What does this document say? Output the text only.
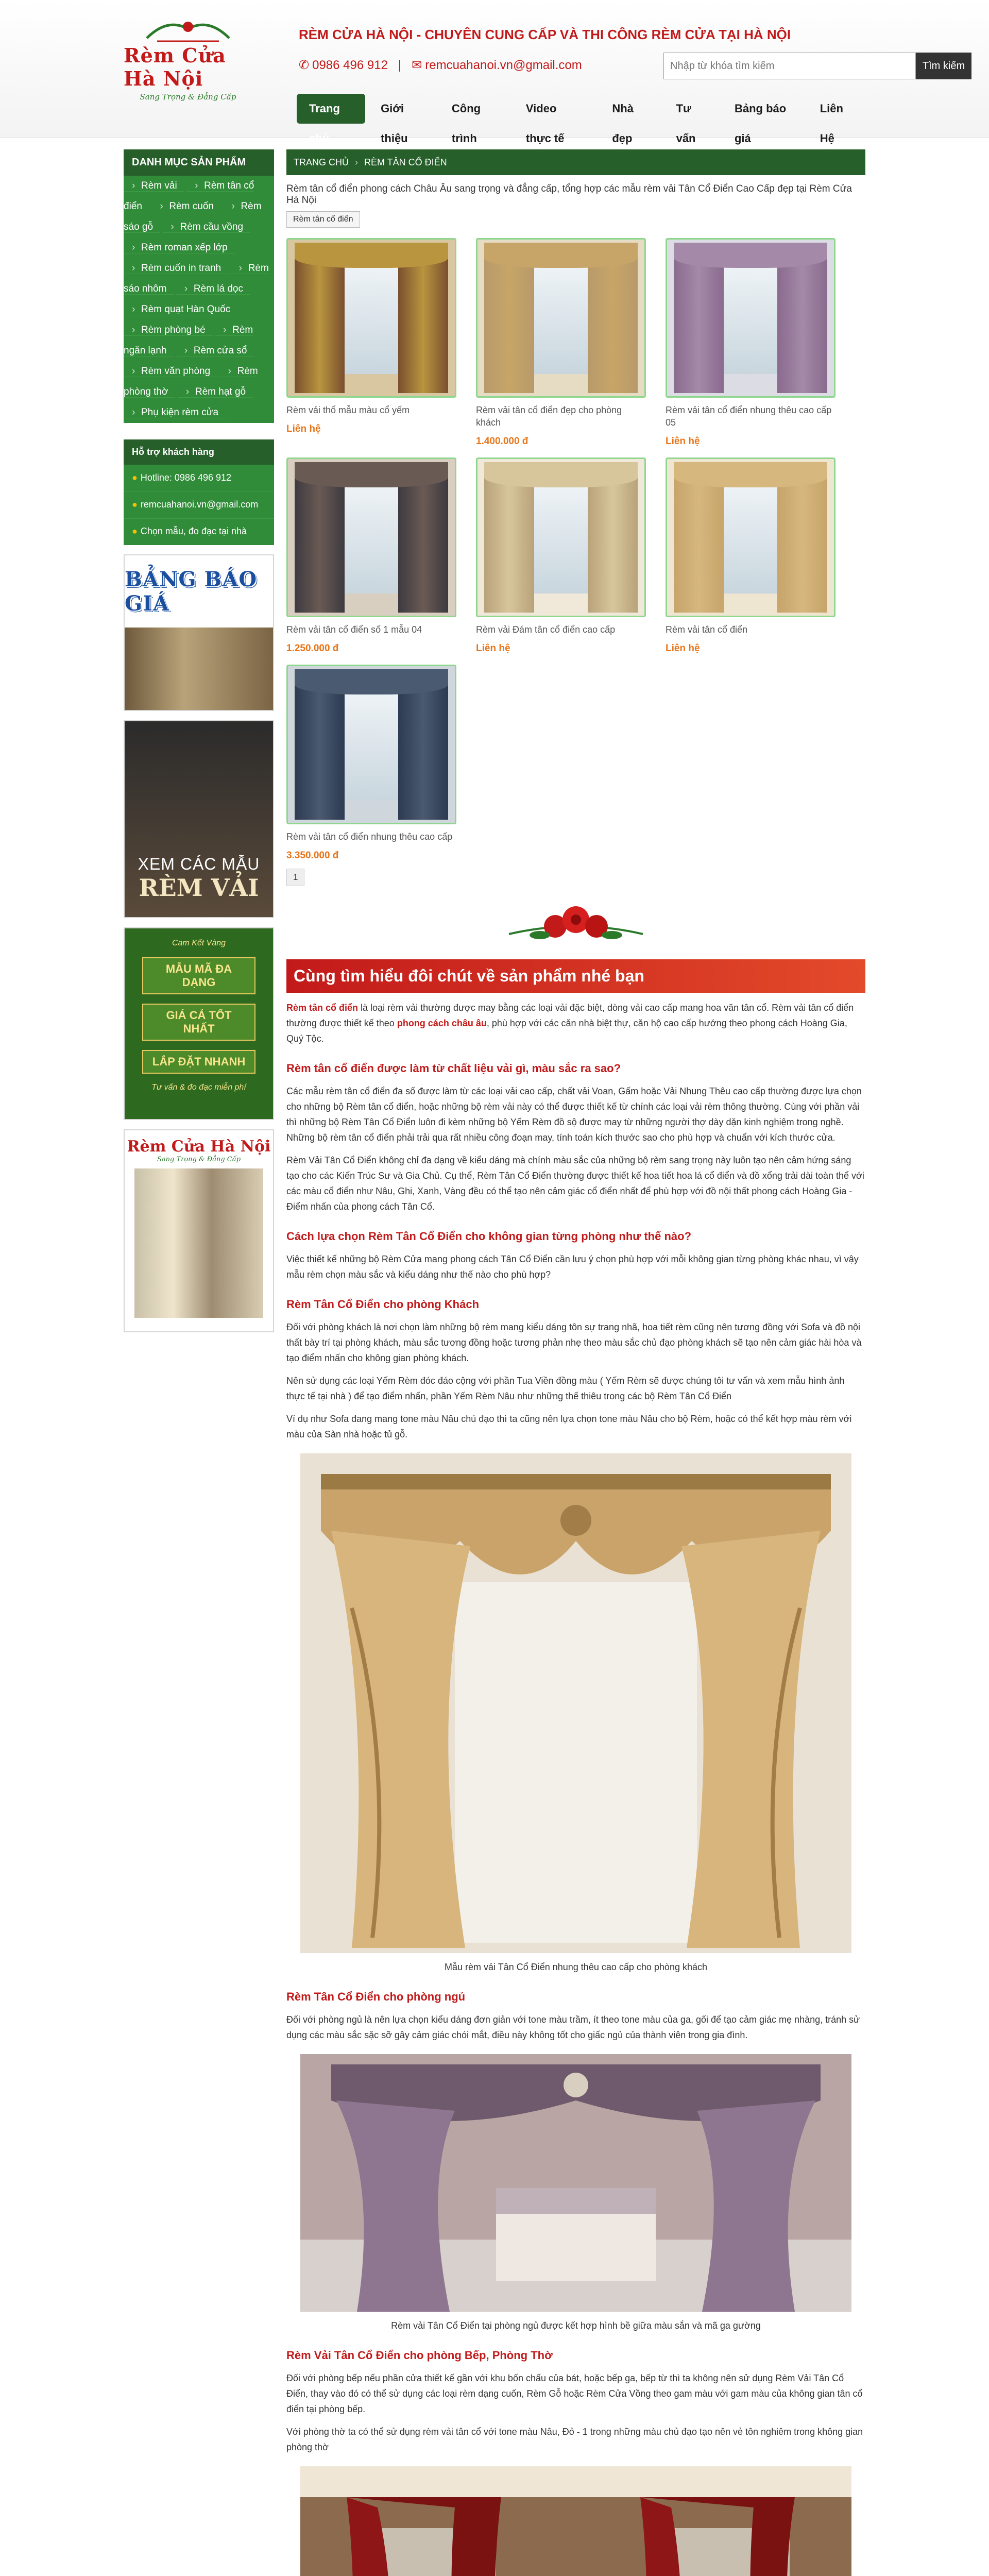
Rèm Cửa Hà Nội
Sang Trọng & Đẳng Cấp
RÈM CỬA HÀ NỘI - CHUYÊN CUNG CẤP VÀ THI CÔNG RÈM CỬA TẠI HÀ NỘI
✆ 0986 496 912 | ✉ remcuahanoi.vn@gmail.com
Nhập từ khóa tìm kiếm	Tìm kiếm
Trang chủ
Giới thiệu
Công trình
Video thực tế
Nhà đẹp
Tư vấn
Bảng báo giá
Liên Hệ
DANH MỤC SẢN PHẨM
› Rèm vải	› Rèm tân cổ điển	› Rèm cuốn	› Rèm sáo gỗ	› Rèm cầu vồng › Rèm roman xếp lớp › Rèm cuốn in tranh	› Rèm sáo nhôm	› Rèm lá dọc › Rèm quạt Hàn Quốc › Rèm phòng bé	› Rèm ngăn lạnh	› Rèm cửa sổ › Rèm văn phòng	› Rèm phòng thờ	› Rèm hạt gỗ › Phụ kiện rèm cửa
Hỗ trợ khách hàng
● Hotline: 0986 496 912
● remcuahanoi.vn@gmail.com
● Chọn mẫu, đo đạc tại nhà
BẢNG BÁO GIÁ
XEM CÁC MẪU
RÈM VẢI
Cam Kết Vàng
MẪU MÃ ĐA DẠNG
GIÁ CẢ TỐT NHẤT
LẮP ĐẶT NHANH
Tư vấn & đo đạc miễn phí
Rèm Cửa Hà Nội
Sang Trọng & Đẳng Cấp
TRANG CHỦ › RÈM TÂN CỔ ĐIỂN
Rèm tân cổ điển phong cách Châu Âu sang trọng và đẳng cấp, tổng hợp các mẫu rèm vải Tân Cổ Điển Cao Cấp đẹp tại Rèm Cửa Hà Nội
Rèm tân cổ điển
Rèm vải thổ mẫu màu cổ yếm
Liên hệ
Rèm vải tân cổ điển đẹp cho phòng khách
1.400.000 đ
Rèm vải tân cổ điển nhung thêu cao cấp 05
Liên hệ
Rèm vải tân cổ điển số 1 mẫu 04
1.250.000 đ
Rèm vải Đám tân cổ điển cao cấp
Liên hệ
Rèm vải tân cổ điển
Liên hệ
Rèm vải tân cổ điển nhung thêu cao cấp
3.350.000 đ
1
Cùng tìm hiểu đôi chút về sản phẩm nhé bạn

Rèm tân cổ điển là loại rèm vải thường được may bằng các loại vải đặc biệt, dòng vải cao cấp mang hoa văn tân cổ. Rèm vải tân cổ điển thường được thiết kế theo phong cách châu âu, phù hợp với các căn nhà biệt thự, căn hộ cao cấp hướng theo phong cách Hoàng Gia, Quý Tộc.

Rèm tân cổ điển được làm từ chất liệu vải gì, màu sắc ra sao?

Các mẫu rèm tân cổ điển đa số được làm từ các loại vải cao cấp, chất vải Voan, Gấm hoặc Vải Nhung Thêu cao cấp thường được lựa chọn cho những bộ Rèm tân cổ điển, hoặc những bộ rèm vải này có thể được thiết kế từ chính các loại vải rèm thông thường. Cùng với phần vải thì những bộ Rèm Tân Cổ Điển luôn đi kèm những bộ Yếm Rèm đồ sộ được may từ những người thợ dày dặn kinh nghiệm trong nghề. Những bộ rèm tân cổ điển phải trải qua rất nhiều công đoạn may, tính toán kích thước sao cho phù hợp và chuẩn với kích thước cửa.

Rèm Vải Tân Cổ Điển không chỉ đa dạng về kiểu dáng mà chính màu sắc của những bộ rèm sang trọng này luôn tạo nên cảm hứng sáng tạo cho các Kiến Trúc Sư và Gia Chủ. Cụ thể, Rèm Tân Cổ Điển thường được thiết kế hoa tiết hoa lá cổ điển và đồ xổng trải dài toàn thể với các màu cổ điển như Nâu, Ghi, Xanh, Vàng đều có thể tạo nên cảm giác cổ điển nhất để phù hợp với đồ nội thất phong cách Hoàng Gia - Điểm nhấn của phong cách Tân Cổ.

Cách lựa chọn Rèm Tân Cổ Điển cho không gian từng phòng như thế nào?

Việc thiết kế những bộ Rèm Cửa mang phong cách Tân Cổ Điển cần lưu ý chọn phù hợp với mỗi không gian từng phòng khác nhau, vì vậy mẫu rèm chọn màu sắc và kiểu dáng như thế nào cho phù hợp?

Rèm Tân Cổ Điển cho phòng Khách

Đối với phòng khách là nơi chọn làm những bộ rèm mang kiểu dáng tôn sự trang nhã, hoa tiết rèm cũng nên tương đồng với Sofa và đồ nội thất bày trí tại phòng khách, màu sắc tương đồng hoặc tương phản nhẹ theo màu sắc chủ đạo phòng khách sẽ tạo nên cảm giác hài hòa và tạo điểm nhấn cho không gian phòng khách.

Nên sử dụng các loại Yếm Rèm đóc đáo cộng với phần Tua Viền đồng màu ( Yếm Rèm sẽ được chúng tôi tư vấn và xem mẫu hình ảnh thực tế tại nhà ) để tạo điểm nhấn, phần Yếm Rèm Nâu như những thế thiêu trong các bộ Rèm Tân Cổ Điển

Ví dụ như Sofa đang mang tone màu Nâu chủ đạo thì ta cũng nên lựa chọn tone màu Nâu cho bộ Rèm, hoặc có thể kết hợp màu rèm với màu của Sàn nhà hoặc tủ gỗ.

Mẫu rèm vải Tân Cổ Điển nhung thêu cao cấp cho phòng khách
Rèm Tân Cổ Điển cho phòng ngủ

Đối với phòng ngủ là nên lựa chọn kiểu dáng đơn giản với tone màu trầm, ít theo tone màu của ga, gối để tạo cảm giác mẹ nhàng, tránh sử dụng các màu sắc sặc sỡ gây cảm giác chói mắt, điều này không tốt cho giấc ngủ của thành viên trong gia đình.

Rèm vải Tân Cổ Điển tại phòng ngủ được kết hợp hình bề giữa màu sắn và mã ga gường
Rèm Vải Tân Cổ Điển cho phòng Bếp, Phòng Thờ

Đối với phòng bếp nếu phần cửa thiết kế gần với khu bốn chấu của bát, hoặc bếp ga, bếp từ thì ta không nên sử dụng Rèm Vải Tân Cổ Điển, thay vào đó có thể sử dụng các loại rèm dạng cuốn, Rèm Gỗ hoặc Rèm Cửa Vồng theo gam màu với gam màu của không gian tân cổ điển tại phòng bếp.

Với phòng thờ ta có thể sử dụng rèm vải tân cổ với tone màu Nâu, Đỏ - 1 trong những màu chủ đạo tạo nên vẻ tôn nghiêm trong không gian phòng thờ
